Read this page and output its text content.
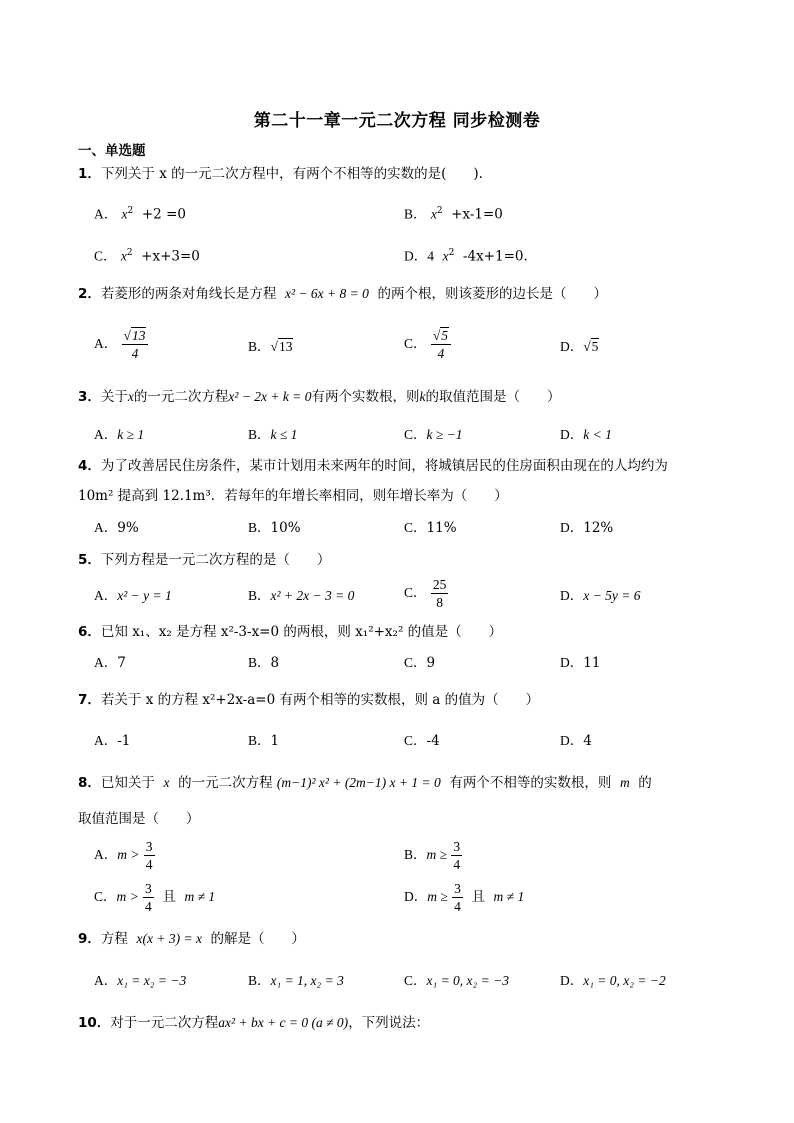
第二十一章一元二次方程 同步检测卷
一、单选题
1．下列关于 x 的一元二次方程中，有两个不相等的实数的是(　　).
A． $x^2 +2 =0$	B． $x^2 +x-1=0$
C． $x^2 +x+3=0$	D．4 $x^2$ -4x+1=0.
2．若菱形的两条对角线长是方程 x² − 6x + 8 = 0 的两个根，则该菱形的边长是（　　）
A． $\frac{√13}{4}$	B．√13	C． $\frac{√5}{4}$	D．√5
3．关于x的一元二次方程x² − 2x + k = 0有两个实数根，则k的取值范围是（　　）
A．k ≥ 1	B．k ≤ 1	C．k ≥ −1	D．k < 1
4．为了改善居民住房条件，某市计划用未来两年的时间，将城镇居民的住房面积由现在的人均约为
10m² 提高到 12.1m³．若每年的年增长率相同，则年增长率为（　　）
A．9%	B．10%	C．11%	D．12%
5．下列方程是一元二次方程的是（　　）
A．x² − y = 1	B．x² + 2x − 3 = 0	C． $\frac{25}{8}$	D．x − 5y = 6
6．已知 x₁、x₂ 是方程 x²-3-x=0 的两根，则 x₁²+x₂² 的值是（　　）
A．7	B．8	C．9	D．11
7．若关于 x 的方程 x²+2x-a=0 有两个相等的实数根，则 a 的值为（　　）
A．-1	B．1	C．-4	D．4
8．已知关于 x 的一元二次方程 (m−1)² x² + (2m−1) x + 1 = 0 有两个不相等的实数根，则 m 的
取值范围是（　　）
A．$m > \frac{3}{4}$	B．$m \ge \frac{3}{4}$
C．$m > \frac{3}{4}$ 且 m ≠ 1	D．$m \ge \frac{3}{4}$ 且 m ≠ 1
9．方程 x(x + 3) = x 的解是（　　）
A．x₁ = x₂ = −3	B．x₁ = 1, x₂ = 3	C．x₁ = 0, x₂ = −3	D．x₁ = 0, x₂ = −2
10．对于一元二次方程ax² + bx + c = 0 (a ≠ 0)，下列说法：
